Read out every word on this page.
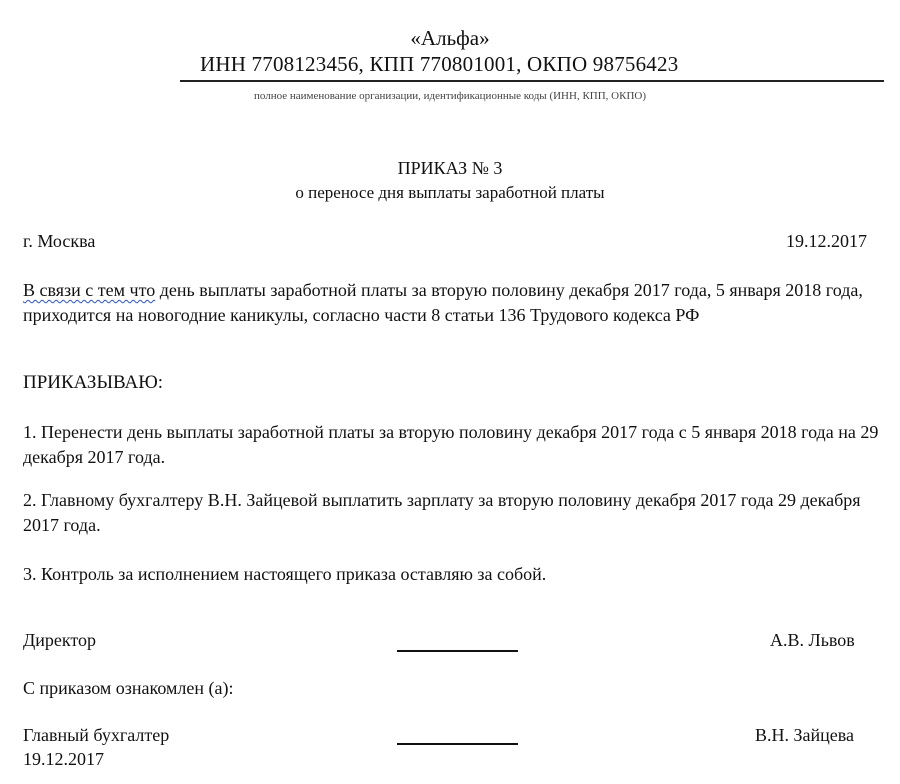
«Альфа»
ИНН 7708123456, КПП 770801001, ОКПО 98756423
полное наименование организации, идентификационные коды (ИНН, КПП, ОКПО)
ПРИКАЗ № 3
о переносе дня выплаты заработной платы
г. Москва	19.12.2017
В связи с тем что день выплаты заработной платы за вторую половину декабря 2017 года, 5 января 2018 года, приходится на новогодние каникулы, согласно части 8 статьи 136 Трудового кодекса РФ
ПРИКАЗЫВАЮ:
1. Перенести день выплаты заработной платы за вторую половину декабря 2017 года с 5 января 2018 года на 29 декабря 2017 года.
2. Главному бухгалтеру В.Н. Зайцевой выплатить зарплату за вторую половину декабря 2017 года 29 декабря 2017 года.
3. Контроль за исполнением настоящего приказа оставляю за собой.
Директор	А.В. Львов
С приказом ознакомлен (а):
Главный бухгалтер	В.Н. Зайцева
19.12.2017
